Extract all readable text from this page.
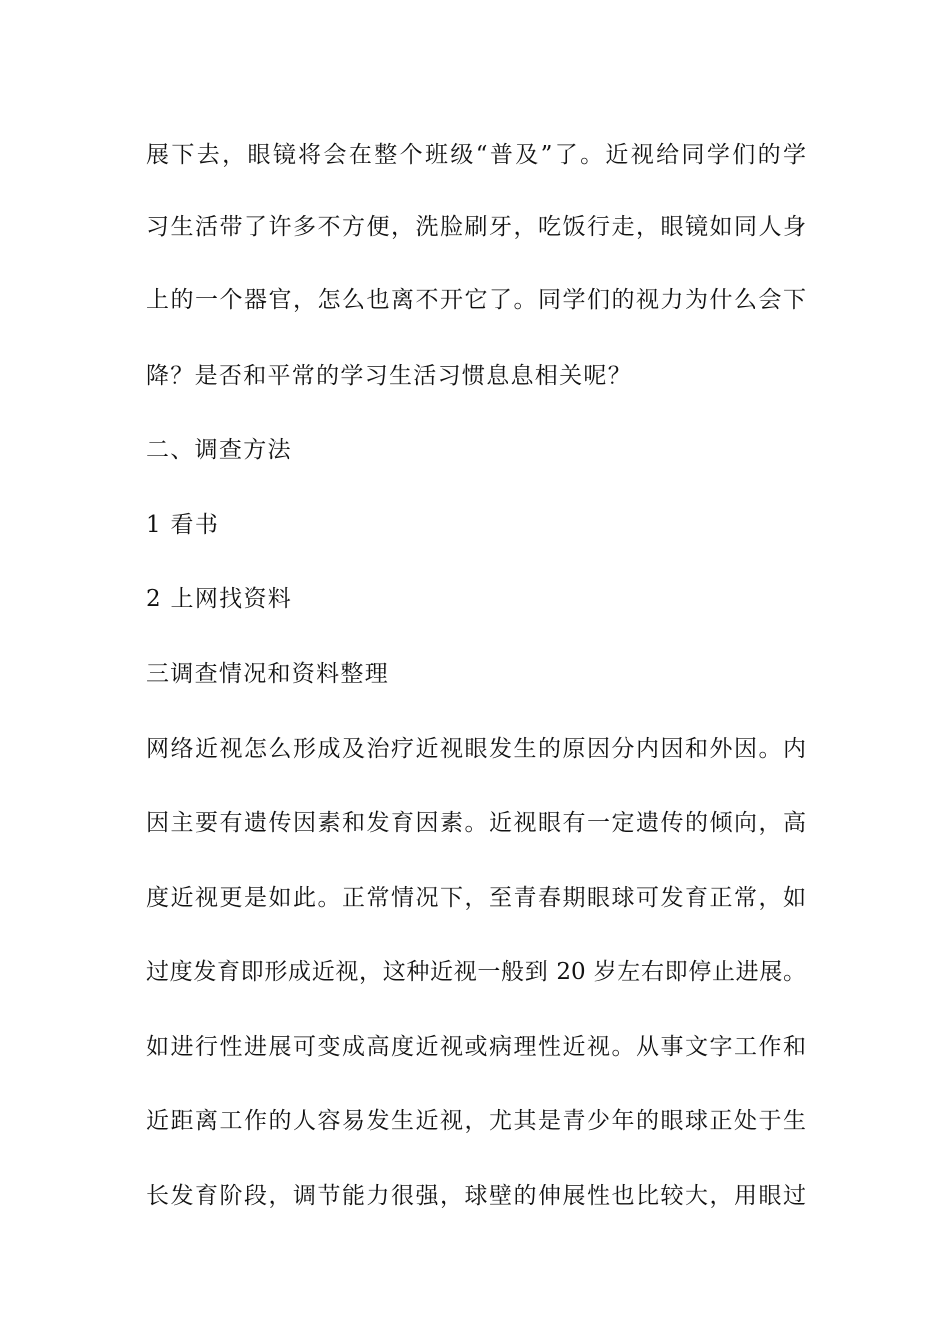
展下去，眼镜将会在整个班级“普及”了。近视给同学们的学
习生活带了许多不方便，洗脸刷牙，吃饭行走，眼镜如同人身
上的一个器官，怎么也离不开它了。同学们的视力为什么会下
降？是否和平常的学习生活习惯息息相关呢？
二、调查方法
1 看书
2 上网找资料
三调查情况和资料整理
网络近视怎么形成及治疗近视眼发生的原因分内因和外因。内
因主要有遗传因素和发育因素。近视眼有一定遗传的倾向，高
度近视更是如此。正常情况下，至青春期眼球可发育正常，如
过度发育即形成近视，这种近视一般到 20 岁左右即停止进展。
如进行性进展可变成高度近视或病理性近视。从事文字工作和
近距离工作的人容易发生近视，尤其是青少年的眼球正处于生
长发育阶段，调节能力很强，球壁的伸展性也比较大，用眼过
